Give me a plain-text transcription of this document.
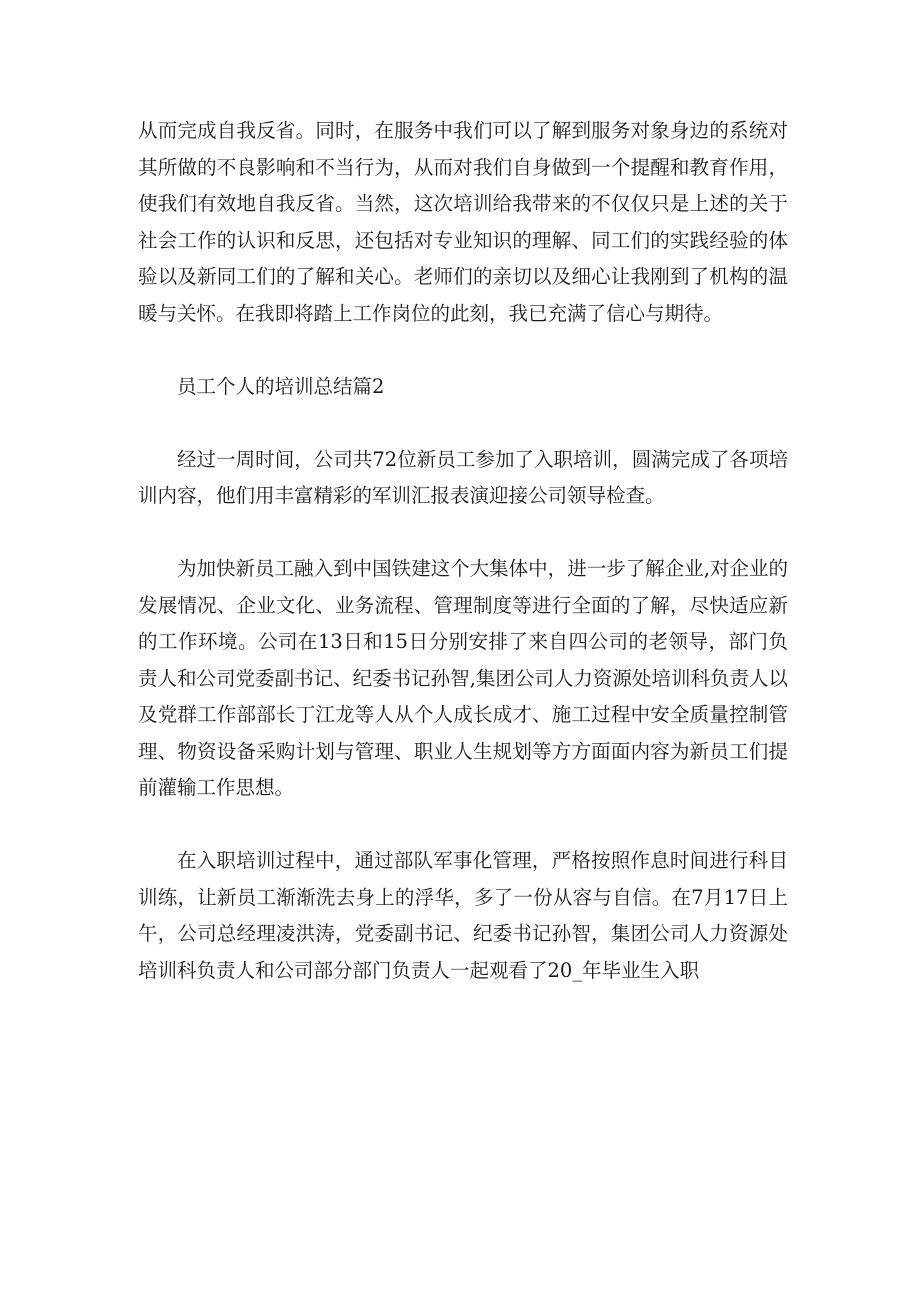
从而完成自我反省。同时，在服务中我们可以了解到服务对象身边的系统对其所做的不良影响和不当行为，从而对我们自身做到一个提醒和教育作用，使我们有效地自我反省。当然，这次培训给我带来的不仅仅只是上述的关于社会工作的认识和反思，还包括对专业知识的理解、同工们的实践经验的体验以及新同工们的了解和关心。老师们的亲切以及细心让我刚到了机构的温暖与关怀。在我即将踏上工作岗位的此刻，我已充满了信心与期待。

员工个人的培训总结篇2

经过一周时间，公司共72位新员工参加了入职培训，圆满完成了各项培训内容，他们用丰富精彩的军训汇报表演迎接公司领导检查。

为加快新员工融入到中国铁建这个大集体中，进一步了解企业,对企业的发展情况、企业文化、业务流程、管理制度等进行全面的了解，尽快适应新的工作环境。公司在13日和15日分别安排了来自四公司的老领导，部门负责人和公司党委副书记、纪委书记孙智,集团公司人力资源处培训科负责人以及党群工作部部长丁江龙等人从个人成长成才、施工过程中安全质量控制管理、物资设备采购计划与管理、职业人生规划等方方面面内容为新员工们提前灌输工作思想。

在入职培训过程中，通过部队军事化管理，严格按照作息时间进行科目训练，让新员工渐渐洗去身上的浮华，多了一份从容与自信。在7月17日上午，公司总经理凌洪涛，党委副书记、纪委书记孙智，集团公司人力资源处培训科负责人和公司部分部门负责人一起观看了20_年毕业生入职
